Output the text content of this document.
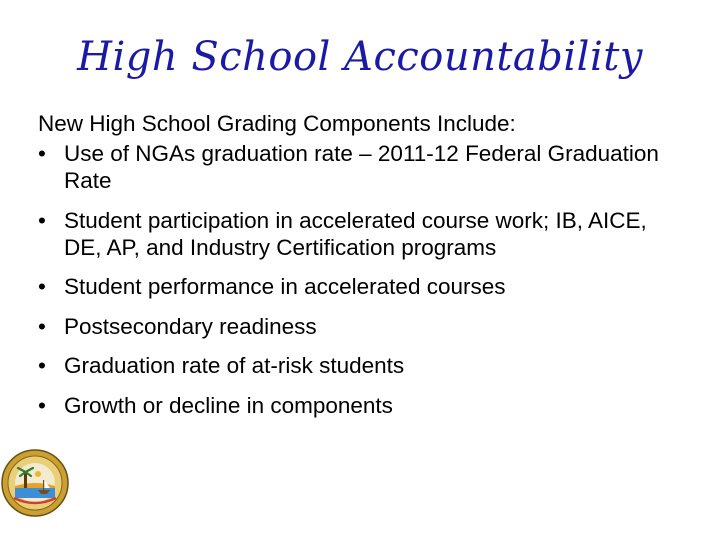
High School Accountability

New High School Grading Components Include:

• Use of NGAs graduation rate – 2011-12 Federal Graduation Rate
• Student participation in accelerated course work; IB, AICE, DE, AP, and Industry Certification programs
• Student performance in accelerated courses
• Postsecondary readiness
• Graduation rate of at-risk students
• Growth or decline in components
